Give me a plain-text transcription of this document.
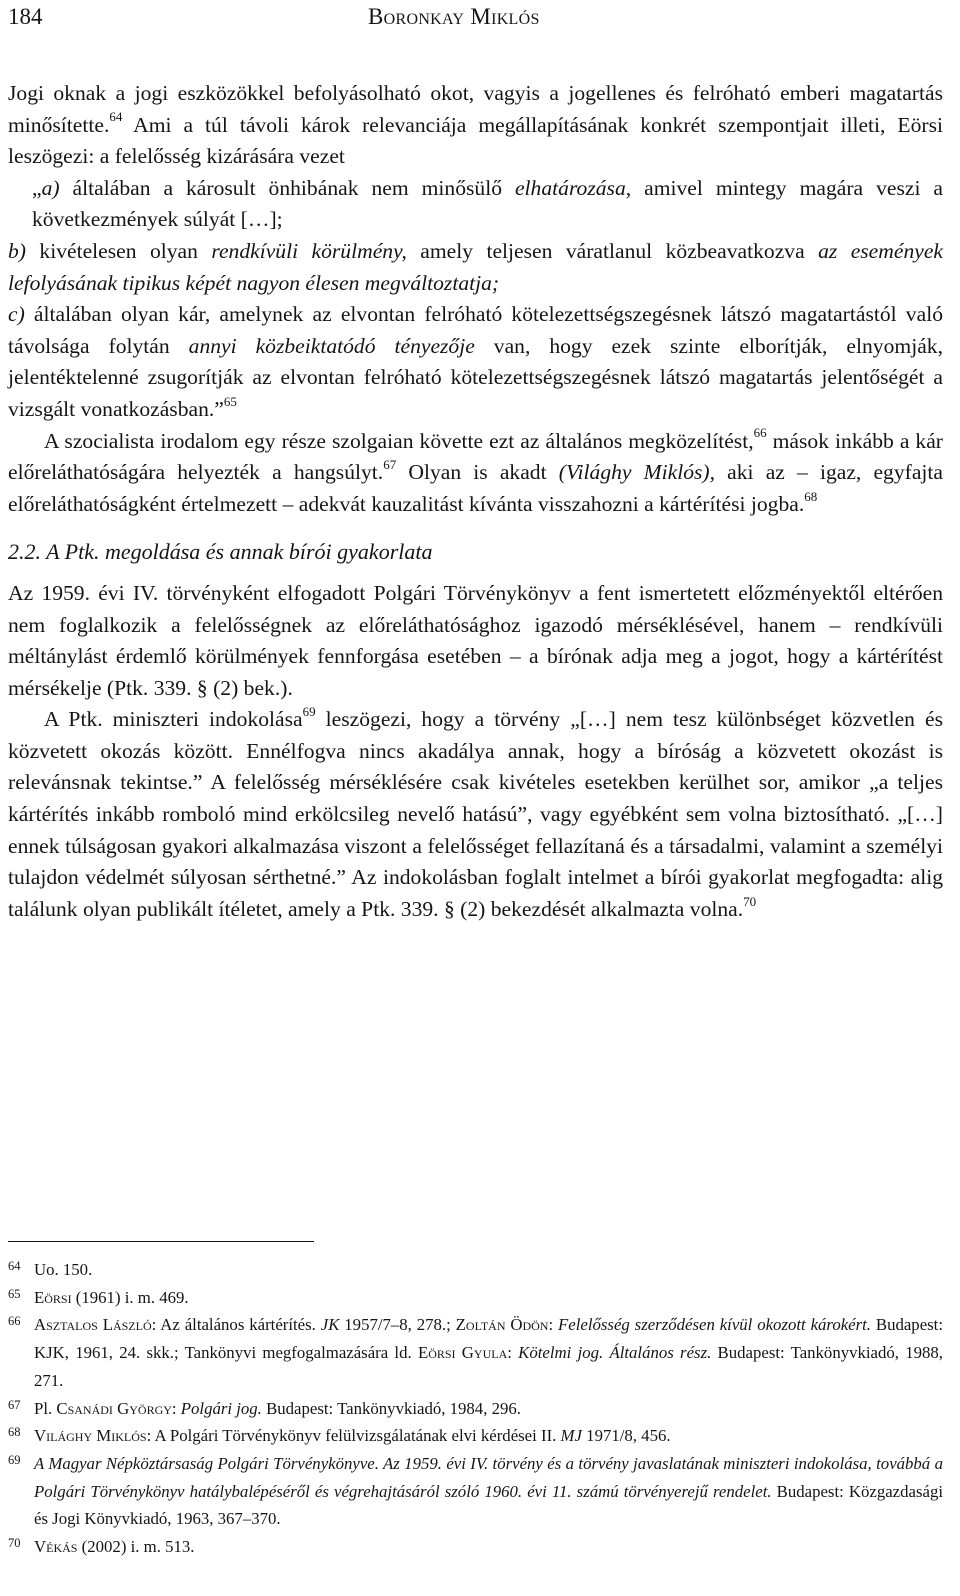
184	Boronkay Miklós

Jogi oknak a jogi eszközökkel befolyásolható okot, vagyis a jogellenes és felróható emberi magatartás minősítette.$^{64}$ Ami a túl távoli károk relevanciája megállapításának konkrét szempontjait illeti, Eörsi leszögezi: a felelősség kizárására vezet

„a) általában a károsult önhibának nem minősülő elhatározása, amivel mintegy magára veszi a következmények súlyát […];

b) kivételesen olyan rendkívüli körülmény, amely teljesen váratlanul közbeavatkozva az események lefolyásának tipikus képét nagyon élesen megváltoztatja;

c) általában olyan kár, amelynek az elvontan felróható kötelezettségszegésnek látszó magatartástól való távolsága folytán annyi közbeiktatódó tényezője van, hogy ezek szinte elborítják, elnyomják, jelentéktelenné zsugorítják az elvontan felróható kötelezettségszegésnek látszó magatartás jelentőségét a vizsgált vonatkozásban.”$^{65}$

A szocialista irodalom egy része szolgaian követte ezt az általános megközelítést,$^{66}$ mások inkább a kár előreláthatóságára helyezték a hangsúlyt.$^{67}$ Olyan is akadt (Világhy Miklós), aki az – igaz, egyfajta előreláthatóságként értelmezett – adekvát kauzalitást kívánta visszahozni a kártérítési jogba.$^{68}$

2.2. A Ptk. megoldása és annak bírói gyakorlata

Az 1959. évi IV. törvényként elfogadott Polgári Törvénykönyv a fent ismertetett előzményektől eltérően nem foglalkozik a felelősségnek az előreláthatósághoz igazodó mérséklésével, hanem – rendkívüli méltánylást érdemlő körülmények fennforgása esetében – a bírónak adja meg a jogot, hogy a kártérítést mérsékelje (Ptk. 339. § (2) bek.).

A Ptk. miniszteri indokolása$^{69}$ leszögezi, hogy a törvény „[…] nem tesz különbséget közvetlen és közvetett okozás között. Ennélfogva nincs akadálya annak, hogy a bíróság a közvetett okozást is relevánsnak tekintse.” A felelősség mérséklésére csak kivételes esetekben kerülhet sor, amikor „a teljes kártérítés inkább romboló mind erkölcsileg nevelő hatású”, vagy egyébként sem volna biztosítható. „[…] ennek túlságosan gyakori alkalmazása viszont a felelősséget fellazítaná és a társadalmi, valamint a személyi tulajdon védelmét súlyosan sérthetné.” Az indokolásban foglalt intelmet a bírói gyakorlat megfogadta: alig találunk olyan publikált ítéletet, amely a Ptk. 339. § (2) bekezdését alkalmazta volna.$^{70}$

64 Uo. 150.
65 Eörsi (1961) i. m. 469.
66 Asztalos László: Az általános kártérítés. JK 1957/7–8, 278.; Zoltán Ödön: Felelősség szerződésen kívül okozott károkért. Budapest: KJK, 1961, 24. skk.; Tankönyvi megfogalmazására ld. Eörsi Gyula: Kötelmi jog. Általános rész. Budapest: Tankönyvkiadó, 1988, 271.
67 Pl. Csanádi György: Polgári jog. Budapest: Tankönyvkiadó, 1984, 296.
68 Világhy Miklós: A Polgári Törvénykönyv felülvizsgálatának elvi kérdései II. MJ 1971/8, 456.
69 A Magyar Népköztársaság Polgári Törvénykönyve. Az 1959. évi IV. törvény és a törvény javaslatának miniszteri indokolása, továbbá a Polgári Törvénykönyv hatálybalépéséről és végrehajtásáról szóló 1960. évi 11. számú törvényerejű rendelet. Budapest: Közgazdasági és Jogi Könyvkiadó, 1963, 367–370.
70 Vékás (2002) i. m. 513.
